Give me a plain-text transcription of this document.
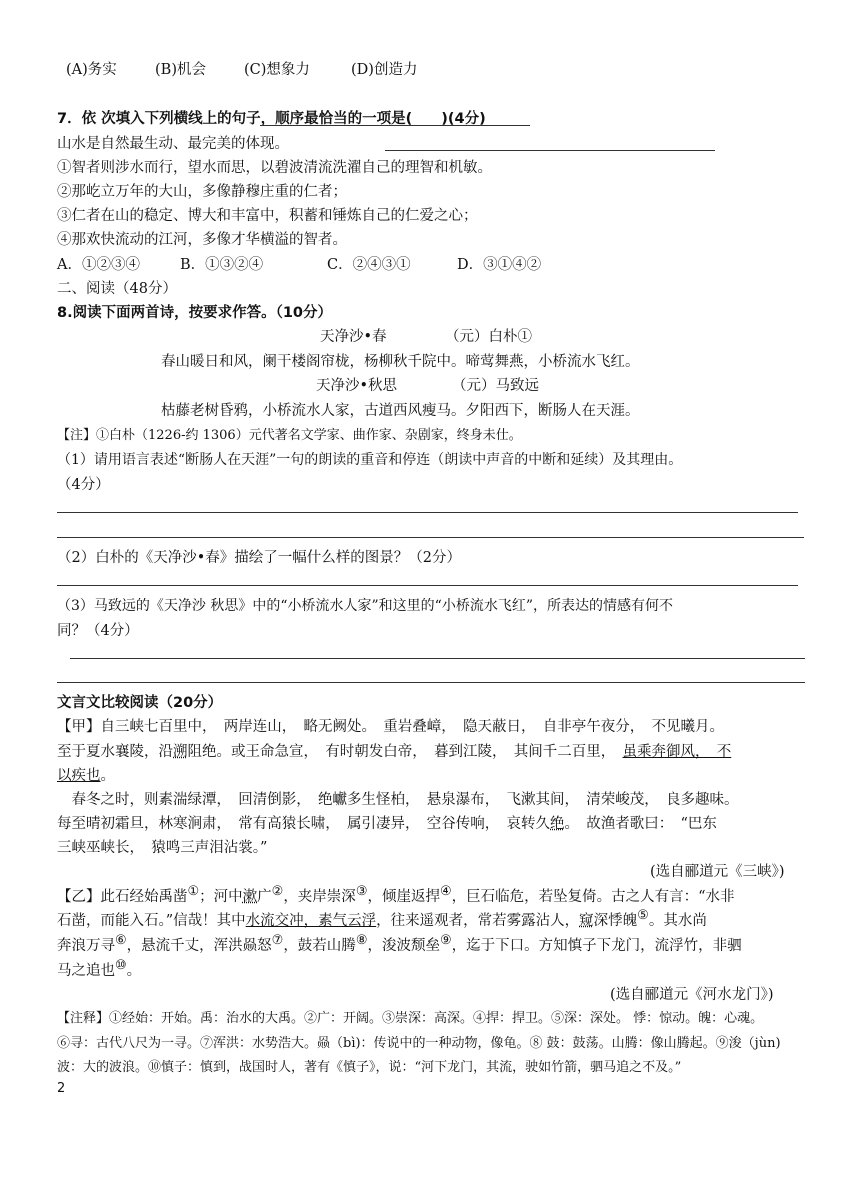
(A)务实	(B)机会	(C)想象力	(D)创造力
7．依 次填入下列横线上的句子，顺序最恰当的一项是(　　)(4分)
山水是自然最生动、最完美的体现。
①智者则涉水而行，望水而思，以碧波清流洗濯自己的理智和机敏。
②那屹立万年的大山，多像静穆庄重的仁者；
③仁者在山的稳定、博大和丰富中，积蓄和锤炼自己的仁爱之心；
④那欢快流动的江河，多像才华横溢的智者。
A．①②③④	B．①③②④	C．②④③①	D．③①④②
二、阅读（48分）
8.阅读下面两首诗，按要求作答。（10分）
天净沙•春	（元）白朴①
春山暖日和风，阑干楼阁帘栊，杨柳秋千院中。啼莺舞燕，小桥流水飞红。
天净沙•秋思	（元）马致远
枯藤老树昏鸦，小桥流水人家，古道西风瘦马。夕阳西下，断肠人在天涯。
【注】①白朴（1226-约 1306）元代著名文学家、曲作家、杂剧家，终身未仕。
（1）请用语言表述“断肠人在天涯”一句的朗读的重音和停连（朗读中声音的中断和延续）及其理由。
（4分）
（2）白朴的《天净沙•春》描绘了一幅什么样的图景？（2分）
（3）马致远的《天净沙 秋思》中的“小桥流水人家”和这里的“小桥流水飞红”，所表达的情感有何不
同？（4分）
文言文比较阅读（20分）
【甲】自三峡七百里中，　两岸连山，　略无阙处。　重岩叠嶂，　隐天蔽日，　自非亭午夜分，　不见曦月。
至于夏水襄陵，沿溯阻绝。或王命急宣，　有时朝发白帝，　暮到江陵，　其间千二百里，　虽乘奔御风，　不
以疾也。
　春冬之时，则素湍绿潭，　回清倒影，　绝巘多生怪柏，　悬泉瀑布，　飞漱其间，　清荣峻茂，　良多趣味。
每至晴初霜旦，林寒涧肃，　常有高猿长啸，　属引凄异，　空谷传响，　哀转久绝。　故渔者歌曰：　“巴东
三峡巫峡长，　猿鸣三声泪沾裳。”
(选自郦道元《三峡》)
【乙】此石经始禹凿①；河中漱广②，夹岸崇深③，倾崖返捍④，巨石临危，若坠复倚。古之人有言：“水非
石凿，而能入石。”信哉！其中水流交冲，素气云浮，往来遥观者，常若雾露沾人，窥深悸魄⑤。其水尚
奔浪万寻⑥，悬流千丈，浑洪赑怒⑦，鼓若山腾⑧，浚波颓垒⑨，迄于下口。方知慎子下龙门，流浮竹，非驷
马之追也⑩。
(选自郦道元《河水龙门》)
【注释】①经始：开始。禹：治水的大禹。②广：开阔。③崇深：高深。④捍：捍卫。⑤深：深处。 悸：惊动。魄：心魂。
⑥寻：古代八尺为一寻。⑦浑洪：水势浩大。赑（bì)：传说中的一种动物，像龟。⑧ 鼓：鼓荡。山腾：像山腾起。⑨浚（jùn)
波：大的波浪。⑩慎子：慎到，战国时人，著有《慎子》，说：“河下龙门，其流，驶如竹箭，驷马追之不及。”
2
